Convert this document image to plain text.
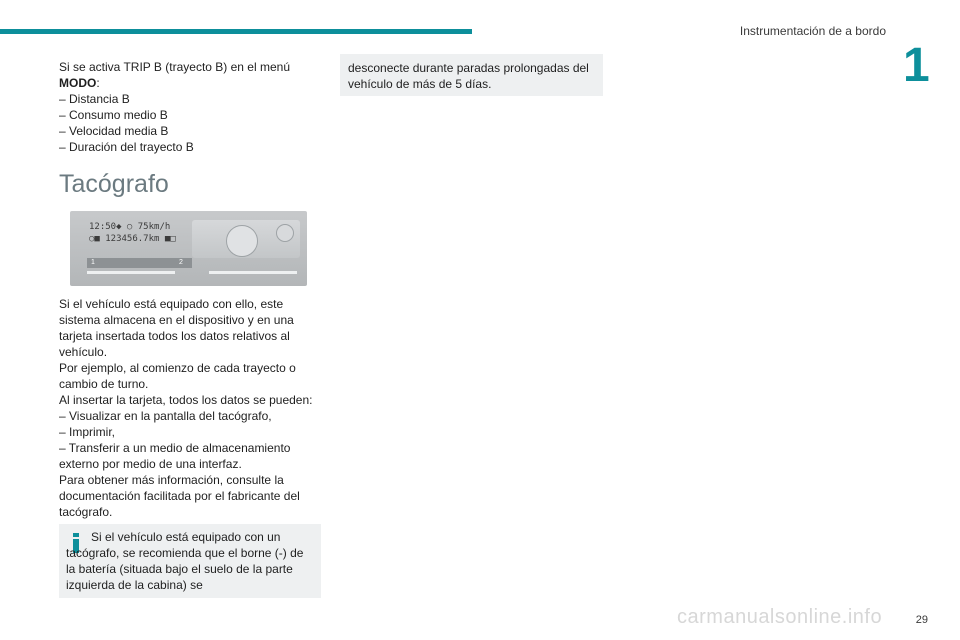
Instrumentación de a bordo
1

Si se activa TRIP B (trayecto B) en el menú
MODO:

– Distancia B

– Consumo medio B

– Velocidad media B

– Duración del trayecto B

Tacógrafo
12:50◆ ○ 75km/h
○■ 123456.7km ■□
1	2

Si el vehículo está equipado con ello, este sistema almacena en el dispositivo y en una tarjeta insertada todos los datos relativos al vehículo.

Por ejemplo, al comienzo de cada trayecto o cambio de turno.

Al insertar la tarjeta, todos los datos se pueden:

– Visualizar en la pantalla del tacógrafo,

– Imprimir,

– Transferir a un medio de almacenamiento externo por medio de una interfaz.

Para obtener más información, consulte la documentación facilitada por el fabricante del tacógrafo.

Si el vehículo está equipado con un tacógrafo, se recomienda que el borne (-) de la batería (situada bajo el suelo de la parte izquierda de la cabina) se
desconecte durante paradas prolongadas del vehículo de más de 5 días.
29
carmanualsonline.info
